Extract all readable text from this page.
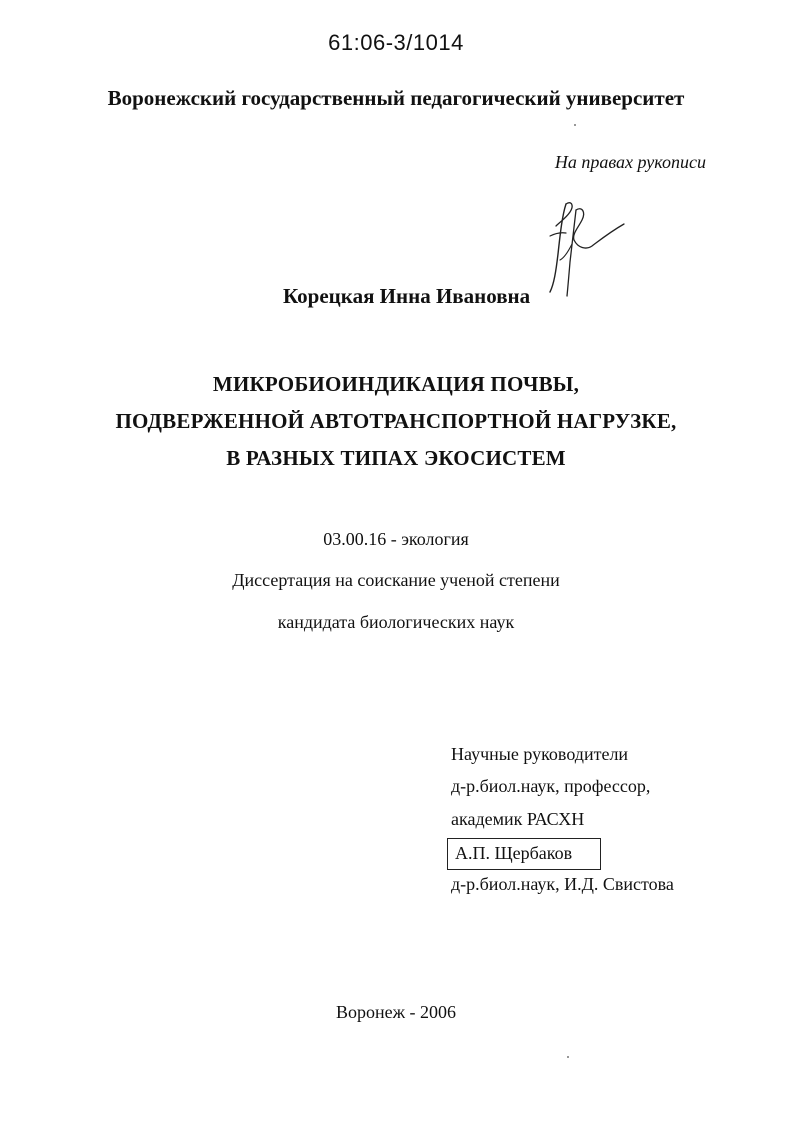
61:06-3/1014
Воронежский государственный педагогический университет
На правах рукописи
Корецкая Инна Ивановна
МИКРОБИОИНДИКАЦИЯ ПОЧВЫ,
ПОДВЕРЖЕННОЙ АВТОТРАНСПОРТНОЙ НАГРУЗКЕ,
В РАЗНЫХ ТИПАХ ЭКОСИСТЕМ
03.00.16 - экология
Диссертация на соискание ученой степени
кандидата биологических наук
Научные руководители
д-р.биол.наук, профессор,
академик РАСХН
А.П. Щербаков
д-р.биол.наук, И.Д. Свистова
Воронеж - 2006
